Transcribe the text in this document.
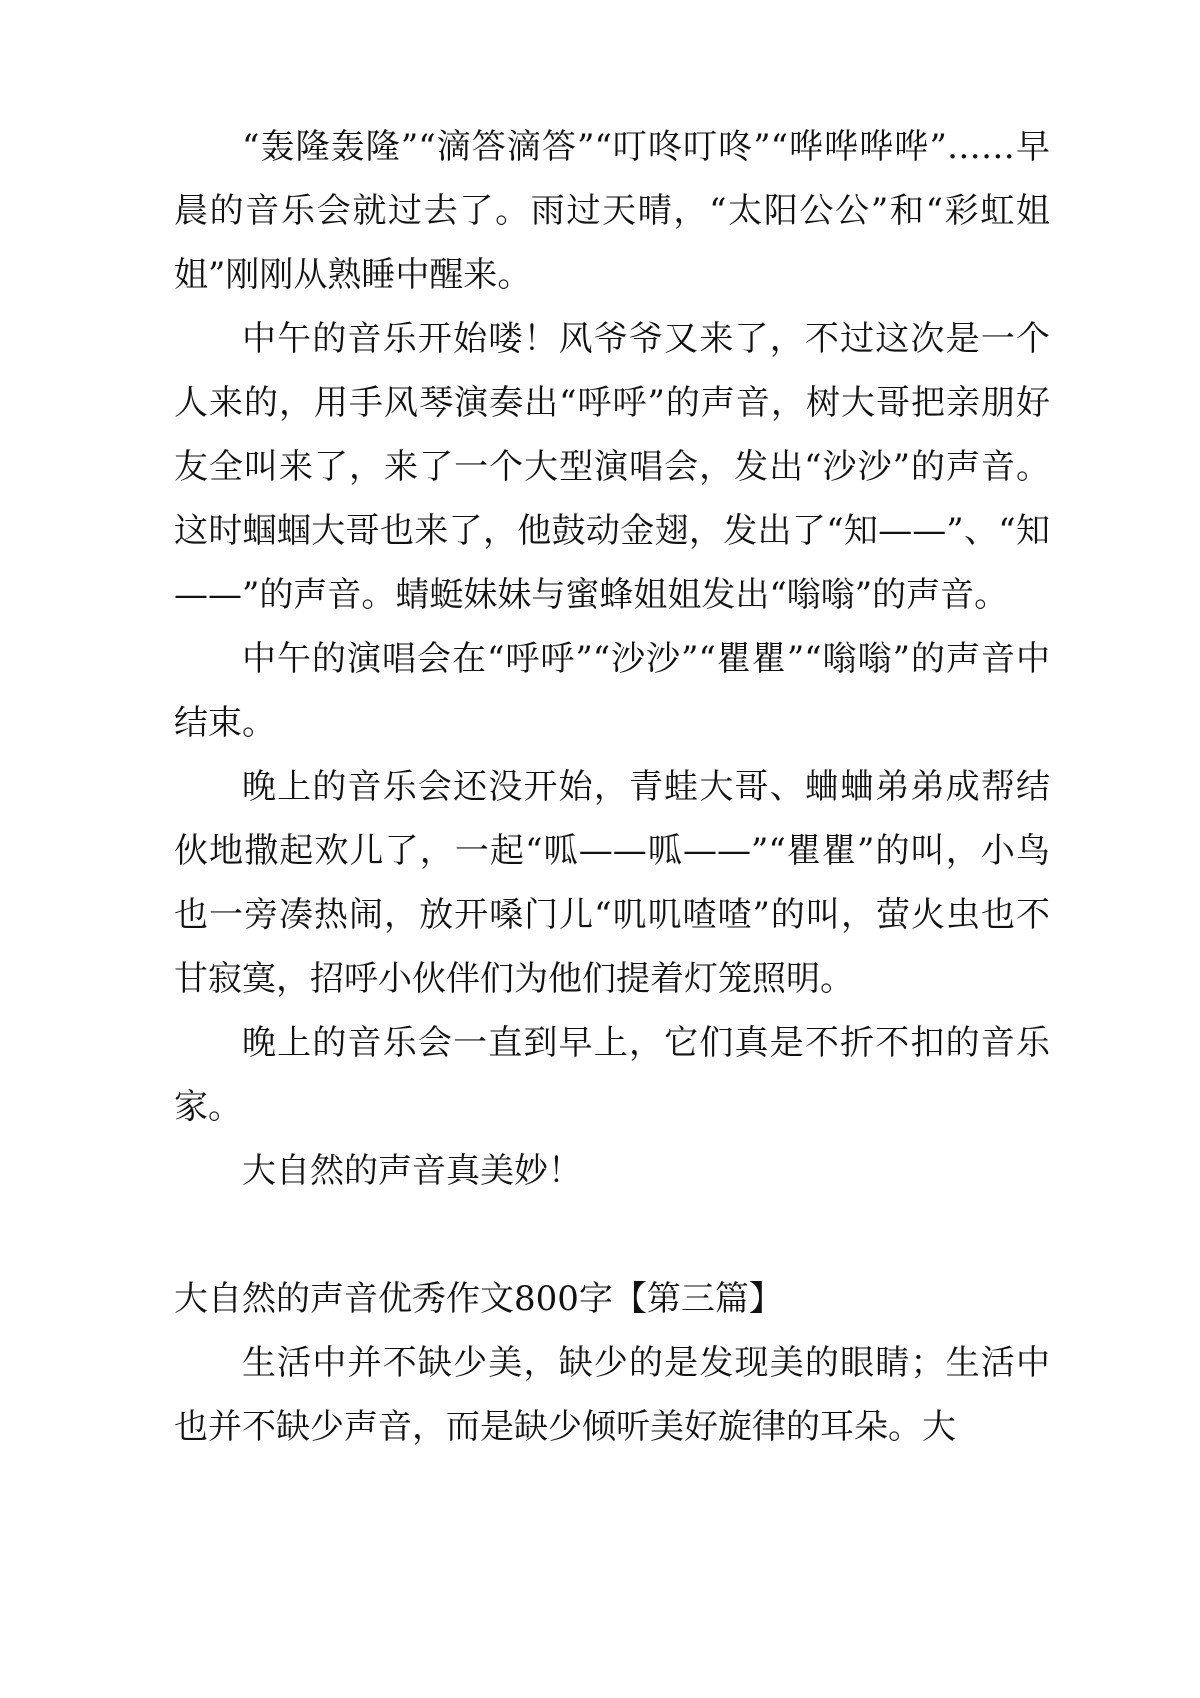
“轰隆轰隆”“滴答滴答”“叮咚叮咚”“哗哗哗哗”……早晨的音乐会就过去了。雨过天晴，“太阳公公”和“彩虹姐姐”刚刚从熟睡中醒来。

中午的音乐开始喽！风爷爷又来了，不过这次是一个人来的，用手风琴演奏出“呼呼”的声音，树大哥把亲朋好友全叫来了，来了一个大型演唱会，发出“沙沙”的声音。这时蝈蝈大哥也来了，他鼓动金翅，发出了“知——”、“知——”的声音。蜻蜓妹妹与蜜蜂姐姐发出“嗡嗡”的声音。

中午的演唱会在“呼呼”“沙沙”“瞿瞿”“嗡嗡”的声音中结束。

晚上的音乐会还没开始，青蛙大哥、蛐蛐弟弟成帮结伙地撒起欢儿了，一起“呱——呱——”“瞿瞿”的叫，小鸟也一旁凑热闹，放开嗓门儿“叽叽喳喳”的叫，萤火虫也不甘寂寞，招呼小伙伴们为他们提着灯笼照明。

晚上的音乐会一直到早上，它们真是不折不扣的音乐家。

大自然的声音真美妙！

大自然的声音优秀作文800字【第三篇】

生活中并不缺少美，缺少的是发现美的眼睛；生活中也并不缺少声音，而是缺少倾听美好旋律的耳朵。大
